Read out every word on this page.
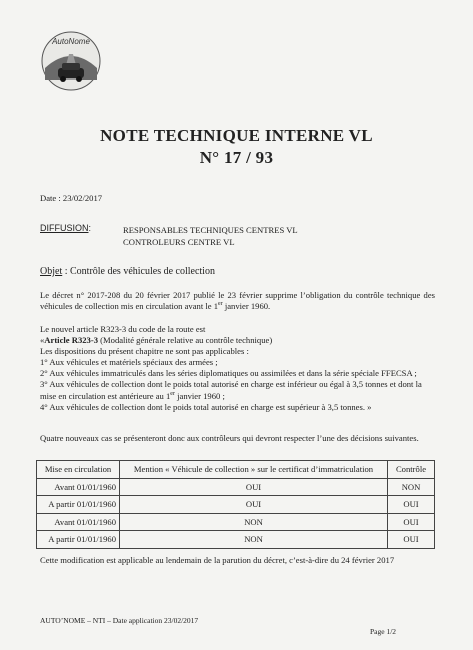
AutoNome
NOTE TECHNIQUE INTERNE VL
N° 17 / 93
Date : 23/02/2017
DIFFUSION:	RESPONSABLES TECHNIQUES CENTRES VL
CONTROLEURS CENTRE VL
Objet : Contrôle des véhicules de collection
Le décret n° 2017-208 du 20 février 2017 publié le 23 février supprime l’obligation du contrôle technique des véhicules de collection mis en circulation avant le 1er janvier 1960.
Le nouvel article R323-3 du code de la route est
«Article R323-3 (Modalité générale relative au contrôle technique)
Les dispositions du présent chapitre ne sont pas applicables :
1° Aux véhicules et matériels spéciaux des armées ;
2° Aux véhicules immatriculés dans les séries diplomatiques ou assimilées et dans la série spéciale FFECSA ;
3° Aux véhicules de collection dont le poids total autorisé en charge est inférieur ou égal à 3,5 tonnes et dont la mise en circulation est antérieure au 1er janvier 1960 ;
4° Aux véhicules de collection dont le poids total autorisé en charge est supérieur à 3,5 tonnes. »
Quatre nouveaux cas se présenteront donc aux contrôleurs qui devront respecter l’une des décisions suivantes.
Mise en circulation	Mention « Véhicule de collection » sur le certificat d’immatriculation	Contrôle
Avant 01/01/1960	OUI	NON
A partir 01/01/1960	OUI	OUI
Avant 01/01/1960	NON	OUI
A partir 01/01/1960	NON	OUI
Cette modification est applicable au lendemain de la parution du décret, c’est-à-dire du 24 février 2017
AUTO’NOME – NTI – Date application 23/02/2017
Page 1/2
